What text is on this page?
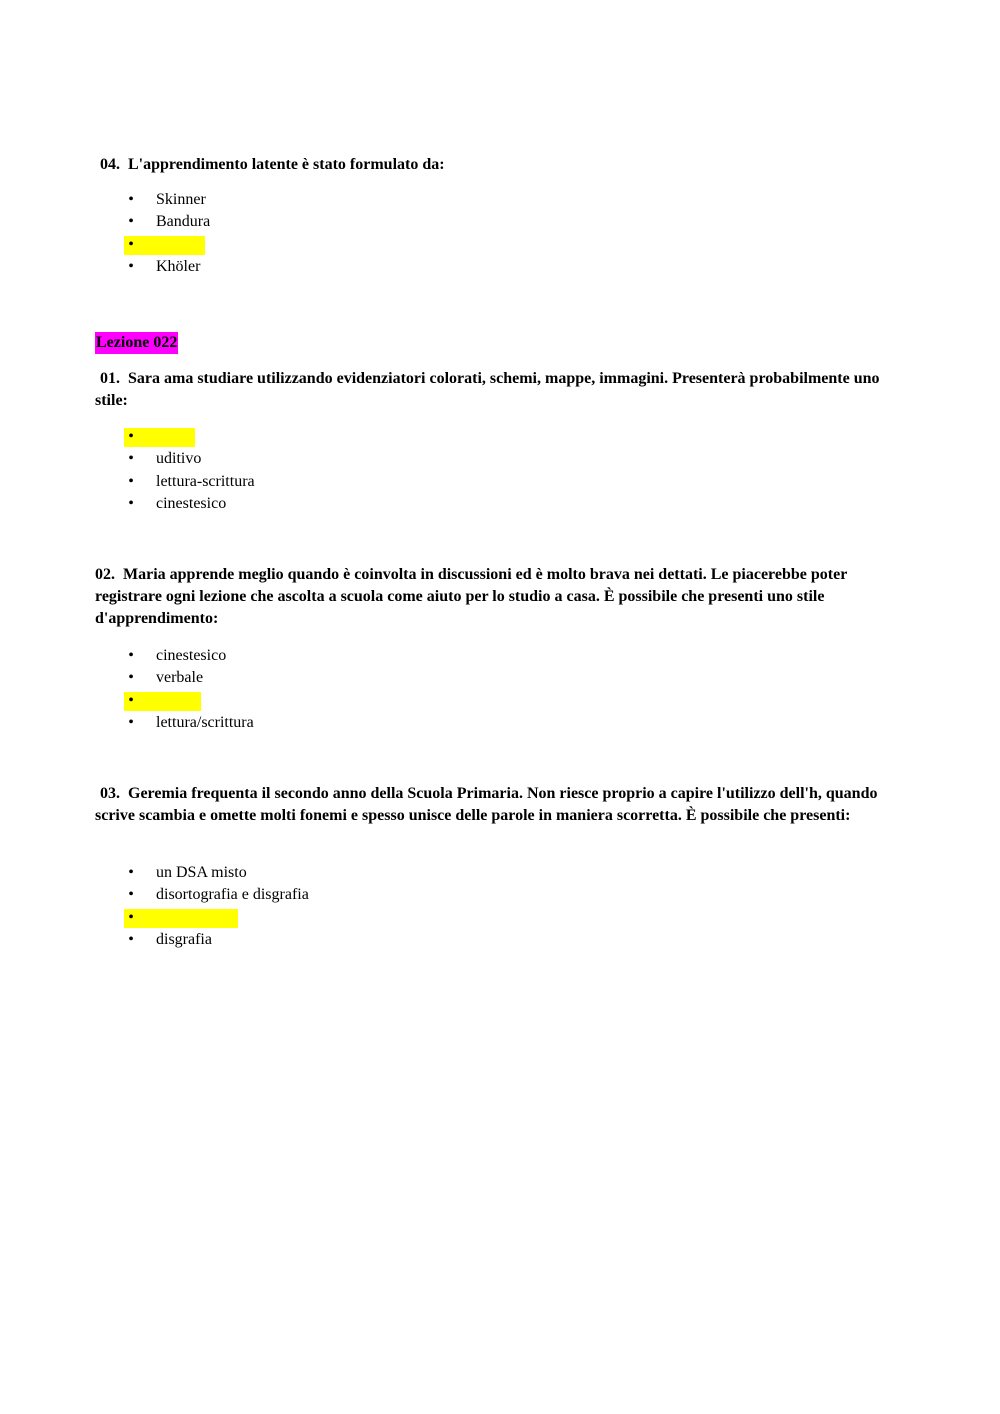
04. L'apprendimento latente è stato formulato da:
• Skinner
• Bandura
•
• Khöler
Lezione 022
01. Sara ama studiare utilizzando evidenziatori colorati, schemi, mappe, immagini. Presenterà probabilmente uno stile:
•
• uditivo
• lettura-scrittura
• cinestesico
02. Maria apprende meglio quando è coinvolta in discussioni ed è molto brava nei dettati. Le piacerebbe poter registrare ogni lezione che ascolta a scuola come aiuto per lo studio a casa. È possibile che presenti uno stile d'apprendimento:
• cinestesico
• verbale
•
• lettura/scrittura
03. Geremia frequenta il secondo anno della Scuola Primaria. Non riesce proprio a capire l'utilizzo dell'h, quando scrive scambia e omette molti fonemi e spesso unisce delle parole in maniera scorretta. È possibile che presenti:
• un DSA misto
• disortografia e disgrafia
•
• disgrafia
